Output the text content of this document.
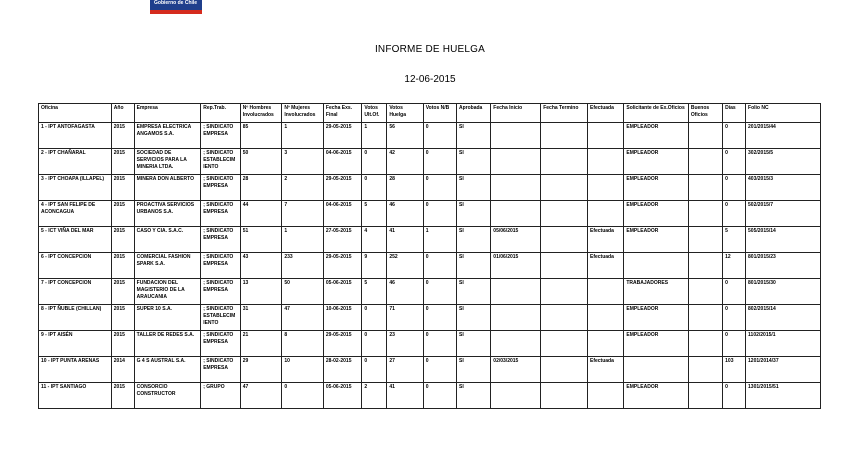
Gobierno de Chile
INFORME DE HUELGA
12-06-2015
Oficina	Año	Empresa	Rep.Trab.	Nº Hombres Involucrados	Nº Mujeres Involucrados	Fecha Exs. Final	Votos Ult.Of.	Votos Huelga	Votos N/B	Aprobada	Fecha Inicio	Fecha Termino	Efectuada	Solicitante de Ex.Oficios	Buenos Oficios	Días	Folio NC
1 - IPT ANTOFAGASTA	2015	EMPRESA ELECTRICA ANGAMOS S.A.	; SINDICATO EMPRESA	85	1	29-05-2015	1	56	0	SI				EMPLEADOR		0	201/2015/44
2 - IPT CHAÑARAL	2015	SOCIEDAD DE SERVICIOS PARA LA MINERIA LTDA.	; SINDICATO ESTABLECIM IENTO	50	3	04-06-2015	0	42	0	SI				EMPLEADOR		0	302/2015/5
3 - IPT CHOAPA (ILLAPEL)	2015	MINERA DON ALBERTO	; SINDICATO EMPRESA	28	2	29-05-2015	0	28	0	SI				EMPLEADOR		0	403/2015/3
4 - IPT SAN FELIPE DE ACONCAGUA	2015	PROACTIVA SERVICIOS URBANOS S.A.	; SINDICATO EMPRESA	44	7	04-06-2015	5	46	0	SI				EMPLEADOR		0	502/2015/7
5 - ICT VIÑA DEL MAR	2015	CASO Y CIA. S.A.C.	; SINDICATO EMPRESA	51	1	27-05-2015	4	41	1	SI	05/06/2015		Efectuada	EMPLEADOR		5	505/2015/14
6 - IPT CONCEPCION	2015	COMERCIAL FASHION SPARK S.A.	; SINDICATO EMPRESA	43	233	29-05-2015	9	252	0	SI	01/06/2015		Efectuada			12	801/2015/23
7 - IPT CONCEPCION	2015	FUNDACION DEL MAGISTERIO DE LA ARAUCANIA	; SINDICATO EMPRESA	13	50	05-06-2015	5	46	0	SI				TRABAJADORES		0	801/2015/30
8 - IPT ÑUBLE (CHILLAN)	2015	SUPER 10 S.A.	; SINDICATO ESTABLECIM IENTO	31	47	10-06-2015	0	71	0	SI				EMPLEADOR		0	802/2015/14
9 - IPT AISÉN	2015	TALLER DE REDES S.A.	; SINDICATO EMPRESA	21	8	29-05-2015	0	23	0	SI				EMPLEADOR		0	1102/2015/1
10 - IPT PUNTA ARENAS	2014	G 4 S AUSTRAL S.A.	; SINDICATO EMPRESA	29	10	28-02-2015	0	27	0	SI	02/03/2015		Efectuada			103	1201/2014/37
11 - IPT SANTIAGO	2015	CONSORCIO CONSTRUCTOR	; GRUPO	47	0	05-06-2015	2	41	0	SI				EMPLEADOR		0	1301/2015/51
